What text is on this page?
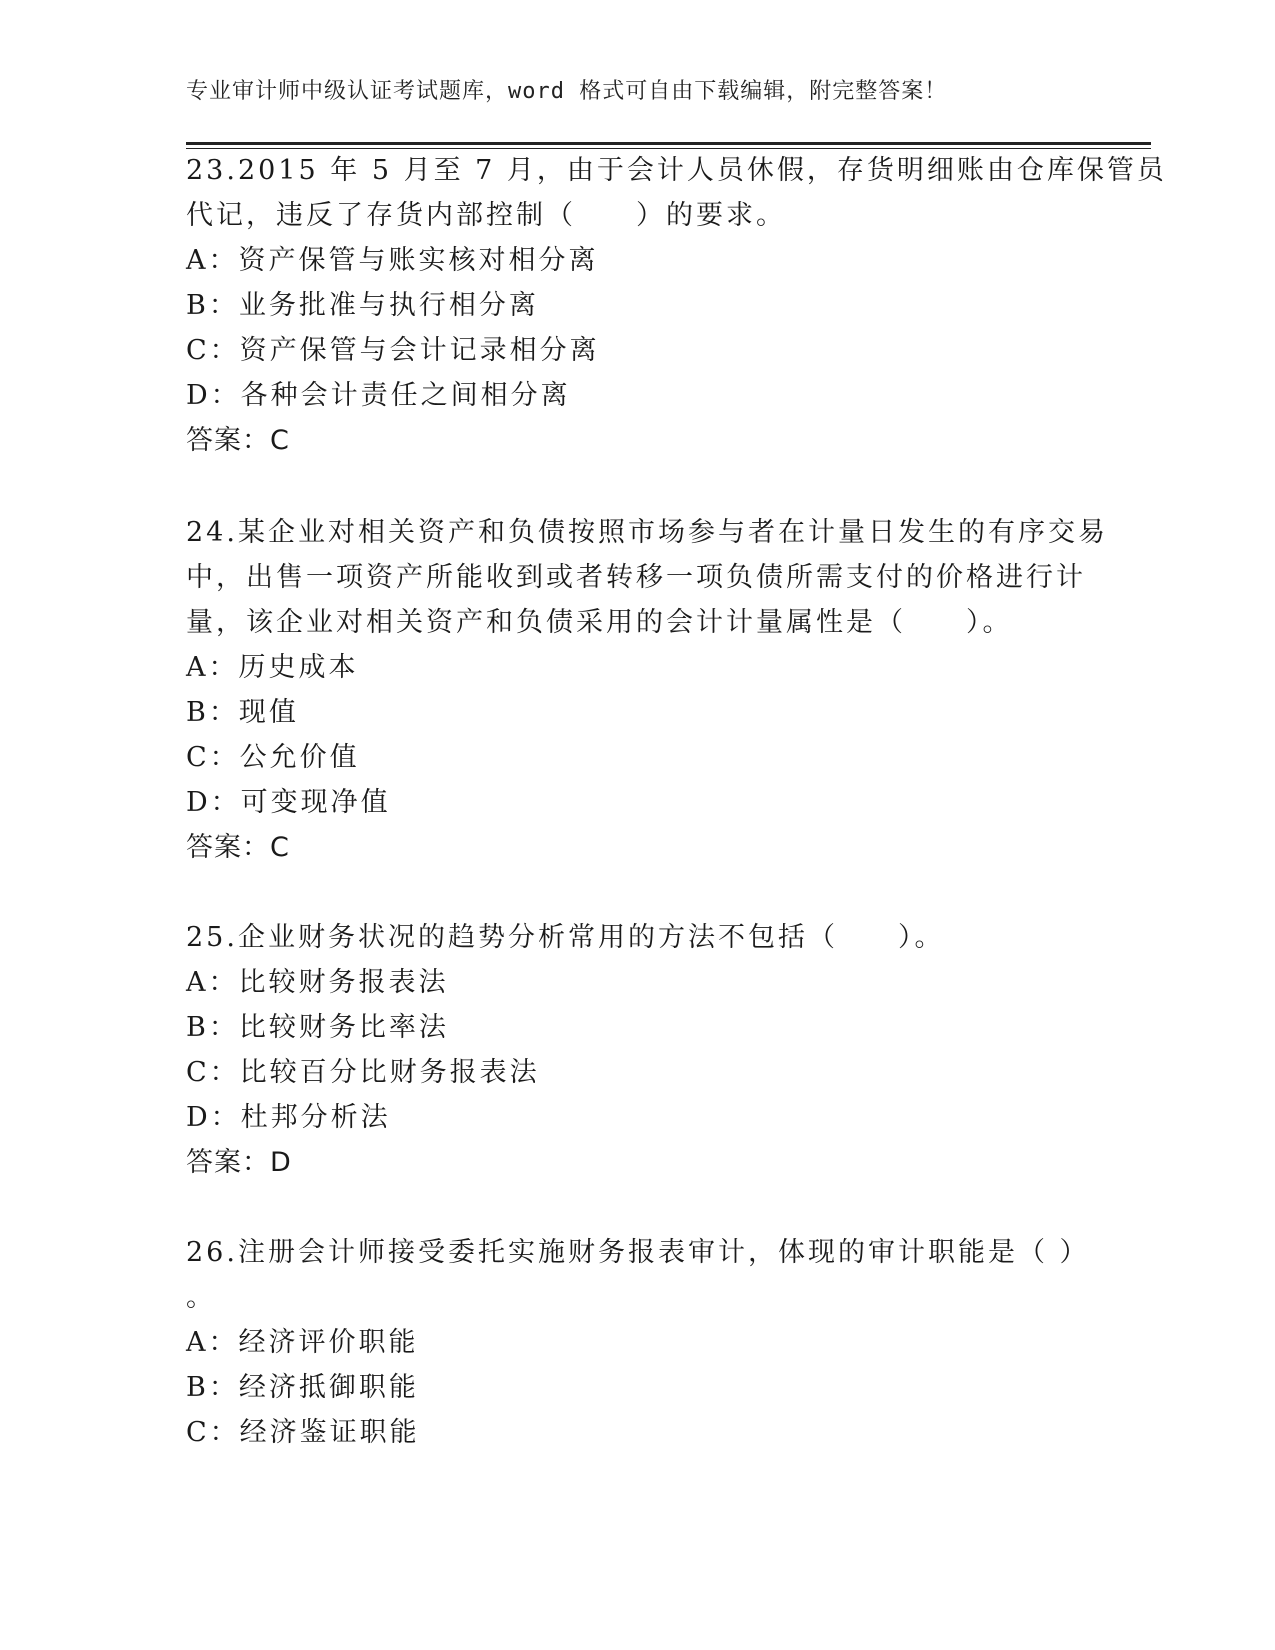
专业审计师中级认证考试题库，word 格式可自由下载编辑，附完整答案！
23.2015 年 5 月至 7 月，由于会计人员休假，存货明细账由仓库保管员
代记，违反了存货内部控制（　　）的要求。
A：资产保管与账实核对相分离
B：业务批准与执行相分离
C：资产保管与会计记录相分离
D：各种会计责任之间相分离
答案：C
24.某企业对相关资产和负债按照市场参与者在计量日发生的有序交易
中，出售一项资产所能收到或者转移一项负债所需支付的价格进行计
量，该企业对相关资产和负债采用的会计计量属性是（　　）。
A：历史成本
B：现值
C：公允价值
D：可变现净值
答案：C
25.企业财务状况的趋势分析常用的方法不包括（　　）。
A：比较财务报表法
B：比较财务比率法
C：比较百分比财务报表法
D：杜邦分析法
答案：D
26.注册会计师接受委托实施财务报表审计，体现的审计职能是（ ）
。
A：经济评价职能
B：经济抵御职能
C：经济鉴证职能
